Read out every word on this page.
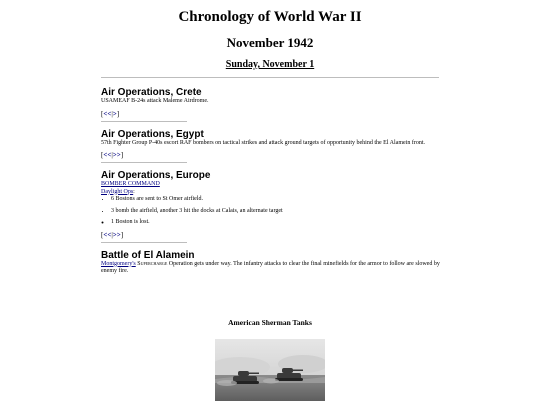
Chronology of World War II
November 1942
Sunday, November 1
Air Operations, Crete

USAMEAF B-24s attack Maleme Airdrome.

[<<|>]
Air Operations, Egypt

57th Fighter Group P-40s escort RAF bombers on tactical strikes and attack ground targets of opportunity behind the El Alamein front.

[<<|>>]
Air Operations, Europe

BOMBER COMMAND

Daylight Ops:

• 6 Bostons are sent to St Omer airfield.
• 3 bomb the airfield, another 3 hit the docks at Calais, an alternate target
◦ 1 Boston is lost.
[<<|>>]
Battle of El Alamein

Montgomery's Supercharge Operation gets under way. The infantry attacks to clear the final minefields for the armor to follow are slowed by enemy fire.

American Sherman Tanks
